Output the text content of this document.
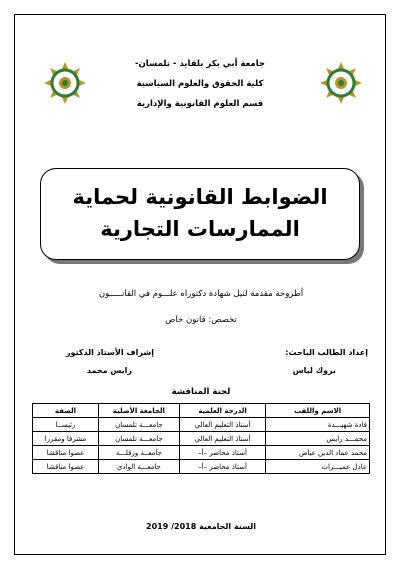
جامعة أبي بكر بلقايد - تلمسان-
كلية الحقوق والعلوم السياسية
قسم العلوم القانونية والإدارية
الضوابط القانونية لحماية
الممارسات التجارية
أطروحة مقدمة لنيل شهادة دكتوراه علـــوم في القانـــــون
تخصص: قانون خاص
إعداد الطالب الباحث:
إشراف الأستاذ الدكتور
بروك لياس
رايس محمد
لجنة المناقشة
الاسم واللقب	الدرجة العلمية	الجامعة الأصلية	الصفة
قادة شهيـــدة	أستاذ التعليم العالي	جامعـــة تلمسان	رئيســا
محمـــد رايس	أستاذ التعليم العالي	جامعـــة تلمسان	مشرفا ومقررا
محمد عماد الدين عياض	أستاذ محاضر –أ–	جامعــة ورقلـــة	عضوا مناقشا
عادل عميـــرات	أستاذ محاضر –أ–	جامعـــة الوادي	عضوا مناقشا
السنة الجامعية 2018/ 2019
